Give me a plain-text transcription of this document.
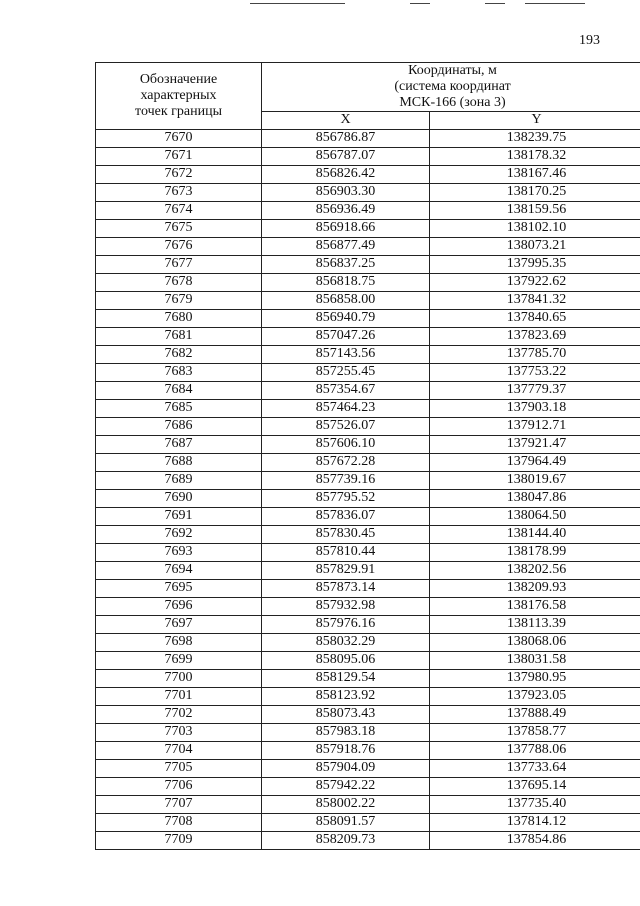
193
Обозначение
характерных
точек границы	Координаты, м
(система координат
МСК-166 (зона 3)	

	X	Y
7670	856786.87	138239.75
7671	856787.07	138178.32
7672	856826.42	138167.46
7673	856903.30	138170.25
7674	856936.49	138159.56
7675	856918.66	138102.10
7676	856877.49	138073.21
7677	856837.25	137995.35
7678	856818.75	137922.62
7679	856858.00	137841.32
7680	856940.79	137840.65
7681	857047.26	137823.69
7682	857143.56	137785.70
7683	857255.45	137753.22
7684	857354.67	137779.37
7685	857464.23	137903.18
7686	857526.07	137912.71
7687	857606.10	137921.47
7688	857672.28	137964.49
7689	857739.16	138019.67
7690	857795.52	138047.86
7691	857836.07	138064.50
7692	857830.45	138144.40
7693	857810.44	138178.99
7694	857829.91	138202.56
7695	857873.14	138209.93
7696	857932.98	138176.58
7697	857976.16	138113.39
7698	858032.29	138068.06
7699	858095.06	138031.58
7700	858129.54	137980.95
7701	858123.92	137923.05
7702	858073.43	137888.49
7703	857983.18	137858.77
7704	857918.76	137788.06
7705	857904.09	137733.64
7706	857942.22	137695.14
7707	858002.22	137735.40
7708	858091.57	137814.12
7709	858209.73	137854.86
